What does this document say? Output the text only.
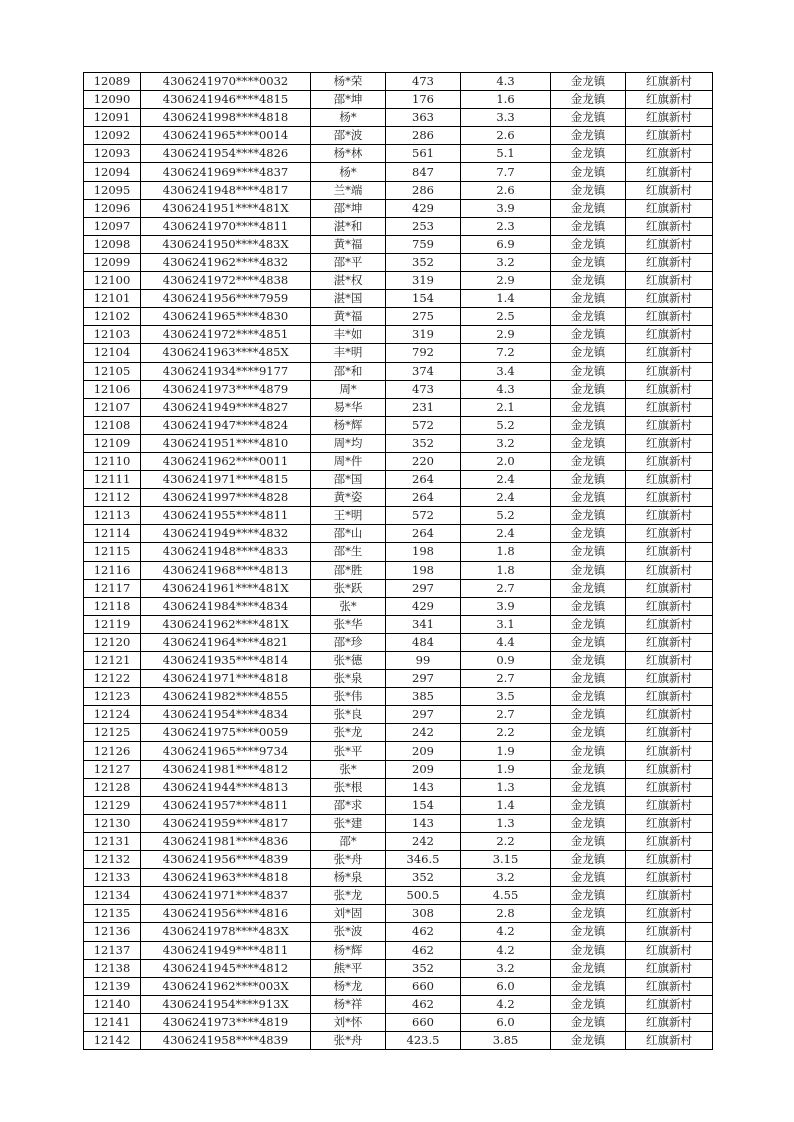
12089	4306241970****0032	杨*荣	473	4.3	金龙镇	红旗新村
12090	4306241946****4815	邵*坤	176	1.6	金龙镇	红旗新村
12091	4306241998****4818	杨*	363	3.3	金龙镇	红旗新村
12092	4306241965****0014	邵*波	286	2.6	金龙镇	红旗新村
12093	4306241954****4826	杨*林	561	5.1	金龙镇	红旗新村
12094	4306241969****4837	杨*	847	7.7	金龙镇	红旗新村
12095	4306241948****4817	兰*端	286	2.6	金龙镇	红旗新村
12096	4306241951****481X	邵*坤	429	3.9	金龙镇	红旗新村
12097	4306241970****4811	湛*和	253	2.3	金龙镇	红旗新村
12098	4306241950****483X	黄*福	759	6.9	金龙镇	红旗新村
12099	4306241962****4832	邵*平	352	3.2	金龙镇	红旗新村
12100	4306241972****4838	湛*权	319	2.9	金龙镇	红旗新村
12101	4306241956****7959	湛*国	154	1.4	金龙镇	红旗新村
12102	4306241965****4830	黄*福	275	2.5	金龙镇	红旗新村
12103	4306241972****4851	丰*如	319	2.9	金龙镇	红旗新村
12104	4306241963****485X	丰*明	792	7.2	金龙镇	红旗新村
12105	4306241934****9177	邵*和	374	3.4	金龙镇	红旗新村
12106	4306241973****4879	周*	473	4.3	金龙镇	红旗新村
12107	4306241949****4827	易*华	231	2.1	金龙镇	红旗新村
12108	4306241947****4824	杨*辉	572	5.2	金龙镇	红旗新村
12109	4306241951****4810	周*均	352	3.2	金龙镇	红旗新村
12110	4306241962****0011	周*件	220	2.0	金龙镇	红旗新村
12111	4306241971****4815	邵*国	264	2.4	金龙镇	红旗新村
12112	4306241997****4828	黄*姿	264	2.4	金龙镇	红旗新村
12113	4306241955****4811	王*明	572	5.2	金龙镇	红旗新村
12114	4306241949****4832	邵*山	264	2.4	金龙镇	红旗新村
12115	4306241948****4833	邵*生	198	1.8	金龙镇	红旗新村
12116	4306241968****4813	邵*胜	198	1.8	金龙镇	红旗新村
12117	4306241961****481X	张*跃	297	2.7	金龙镇	红旗新村
12118	4306241984****4834	张*	429	3.9	金龙镇	红旗新村
12119	4306241962****481X	张*华	341	3.1	金龙镇	红旗新村
12120	4306241964****4821	邵*珍	484	4.4	金龙镇	红旗新村
12121	4306241935****4814	张*德	99	0.9	金龙镇	红旗新村
12122	4306241971****4818	张*泉	297	2.7	金龙镇	红旗新村
12123	4306241982****4855	张*伟	385	3.5	金龙镇	红旗新村
12124	4306241954****4834	张*良	297	2.7	金龙镇	红旗新村
12125	4306241975****0059	张*龙	242	2.2	金龙镇	红旗新村
12126	4306241965****9734	张*平	209	1.9	金龙镇	红旗新村
12127	4306241981****4812	张*	209	1.9	金龙镇	红旗新村
12128	4306241944****4813	张*根	143	1.3	金龙镇	红旗新村
12129	4306241957****4811	邵*求	154	1.4	金龙镇	红旗新村
12130	4306241959****4817	张*建	143	1.3	金龙镇	红旗新村
12131	4306241981****4836	邵*	242	2.2	金龙镇	红旗新村
12132	4306241956****4839	张*舟	346.5	3.15	金龙镇	红旗新村
12133	4306241963****4818	杨*泉	352	3.2	金龙镇	红旗新村
12134	4306241971****4837	张*龙	500.5	4.55	金龙镇	红旗新村
12135	4306241956****4816	刘*固	308	2.8	金龙镇	红旗新村
12136	4306241978****483X	张*波	462	4.2	金龙镇	红旗新村
12137	4306241949****4811	杨*辉	462	4.2	金龙镇	红旗新村
12138	4306241945****4812	熊*平	352	3.2	金龙镇	红旗新村
12139	4306241962****003X	杨*龙	660	6.0	金龙镇	红旗新村
12140	4306241954****913X	杨*祥	462	4.2	金龙镇	红旗新村
12141	4306241973****4819	刘*怀	660	6.0	金龙镇	红旗新村
12142	4306241958****4839	张*舟	423.5	3.85	金龙镇	红旗新村
